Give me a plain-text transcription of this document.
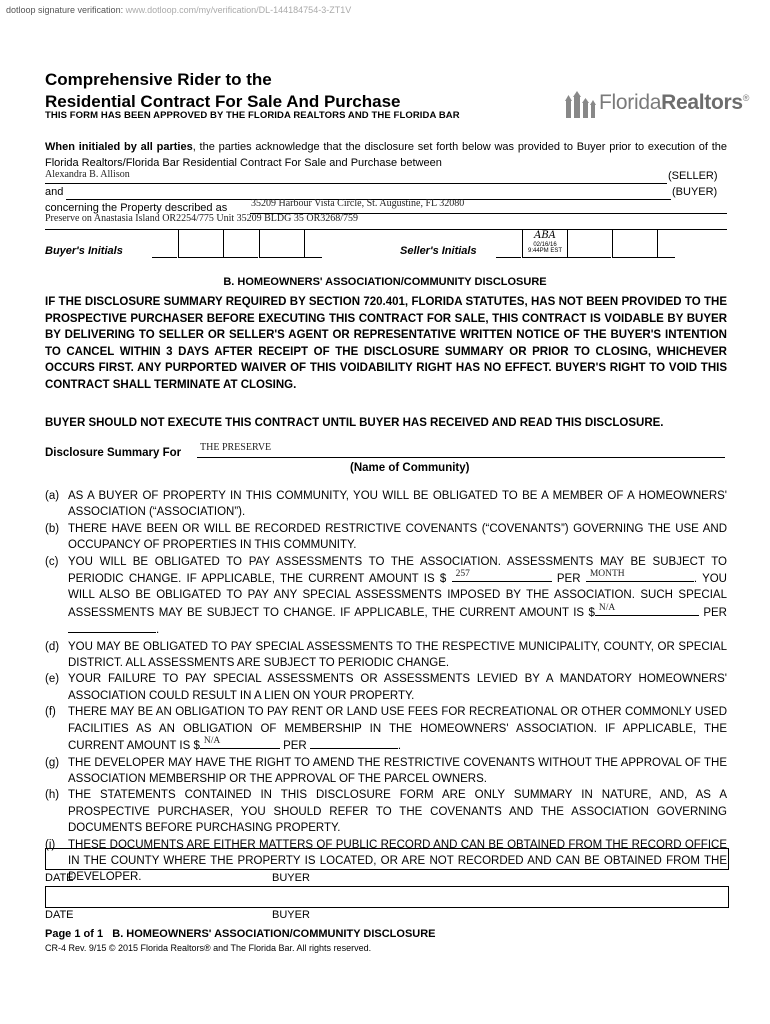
dotloop signature verification: www.dotloop.com/my/verification/DL-144184754-3-ZT1V
Comprehensive Rider to the
Residential Contract For Sale And Purchase
THIS FORM HAS BEEN APPROVED BY THE FLORIDA REALTORS AND THE FLORIDA BAR
FloridaRealtors®
When initialed by all parties, the parties acknowledge that the disclosure set forth below was provided to Buyer prior to execution of the Florida Realtors/Florida Bar Residential Contract For Sale and Purchase between
Alexandra B. Allison	(SELLER)
and	(BUYER)
concerning the Property described as 35209 Harbour Vista Circle, St. Augustine, FL 32080
Preserve on Anastasia Island OR2254/775 Unit 35209 BLDG 35 OR3268/759
Buyer's Initials	Seller's Initials
ABA
02/16/16
9:44PM EST
B. HOMEOWNERS' ASSOCIATION/COMMUNITY DISCLOSURE
IF THE DISCLOSURE SUMMARY REQUIRED BY SECTION 720.401, FLORIDA STATUTES, HAS NOT BEEN PROVIDED TO THE PROSPECTIVE PURCHASER BEFORE EXECUTING THIS CONTRACT FOR SALE, THIS CONTRACT IS VOIDABLE BY BUYER BY DELIVERING TO SELLER OR SELLER'S AGENT OR REPRESENTATIVE WRITTEN NOTICE OF THE BUYER'S INTENTION TO CANCEL WITHIN 3 DAYS AFTER RECEIPT OF THE DISCLOSURE SUMMARY OR PRIOR TO CLOSING, WHICHEVER OCCURS FIRST. ANY PURPORTED WAIVER OF THIS VOIDABILITY RIGHT HAS NO EFFECT. BUYER'S RIGHT TO VOID THIS CONTRACT SHALL TERMINATE AT CLOSING.
BUYER SHOULD NOT EXECUTE THIS CONTRACT UNTIL BUYER HAS RECEIVED AND READ THIS DISCLOSURE.
Disclosure Summary For THE PRESERVE
(Name of Community)
(a) AS A BUYER OF PROPERTY IN THIS COMMUNITY, YOU WILL BE OBLIGATED TO BE A MEMBER OF A HOMEOWNERS' ASSOCIATION (“ASSOCIATION”).
(b) THERE HAVE BEEN OR WILL BE RECORDED RESTRICTIVE COVENANTS (“COVENANTS”) GOVERNING THE USE AND OCCUPANCY OF PROPERTIES IN THIS COMMUNITY.
(c) YOU WILL BE OBLIGATED TO PAY ASSESSMENTS TO THE ASSOCIATION. ASSESSMENTS MAY BE SUBJECT TO PERIODIC CHANGE. IF APPLICABLE, THE CURRENT AMOUNT IS $ 257	PER MONTH	. YOU WILL ALSO BE OBLIGATED TO PAY ANY SPECIAL ASSESSMENTS IMPOSED BY THE ASSOCIATION. SUCH SPECIAL ASSESSMENTS MAY BE SUBJECT TO CHANGE. IF APPLICABLE, THE CURRENT AMOUNT IS $ N/A	PER .
(d) YOU MAY BE OBLIGATED TO PAY SPECIAL ASSESSMENTS TO THE RESPECTIVE MUNICIPALITY, COUNTY, OR SPECIAL DISTRICT. ALL ASSESSMENTS ARE SUBJECT TO PERIODIC CHANGE.
(e) YOUR FAILURE TO PAY SPECIAL ASSESSMENTS OR ASSESSMENTS LEVIED BY A MANDATORY HOMEOWNERS' ASSOCIATION COULD RESULT IN A LIEN ON YOUR PROPERTY.
(f)	THERE MAY BE AN OBLIGATION TO PAY RENT OR LAND USE FEES FOR RECREATIONAL OR OTHER COMMONLY USED FACILITIES AS AN OBLIGATION OF MEMBERSHIP IN THE HOMEOWNERS' ASSOCIATION. IF APPLICABLE, THE CURRENT AMOUNT IS $ N/A	PER	.
(g) THE DEVELOPER MAY HAVE THE RIGHT TO AMEND THE RESTRICTIVE COVENANTS WITHOUT THE APPROVAL OF THE ASSOCIATION MEMBERSHIP OR THE APPROVAL OF THE PARCEL OWNERS.
(h) THE STATEMENTS CONTAINED IN THIS DISCLOSURE FORM ARE ONLY SUMMARY IN NATURE, AND, AS A PROSPECTIVE PURCHASER, YOU SHOULD REFER TO THE COVENANTS AND THE ASSOCIATION GOVERNING DOCUMENTS BEFORE PURCHASING PROPERTY.
(i)	THESE DOCUMENTS ARE EITHER MATTERS OF PUBLIC RECORD AND CAN BE OBTAINED FROM THE RECORD OFFICE IN THE COUNTY WHERE THE PROPERTY IS LOCATED, OR ARE NOT RECORDED AND CAN BE OBTAINED FROM THE DEVELOPER.
DATE	BUYER
DATE	BUYER
Page 1 of 1 B. HOMEOWNERS' ASSOCIATION/COMMUNITY DISCLOSURE
CR-4 Rev. 9/15 © 2015 Florida Realtors® and The Florida Bar. All rights reserved.
